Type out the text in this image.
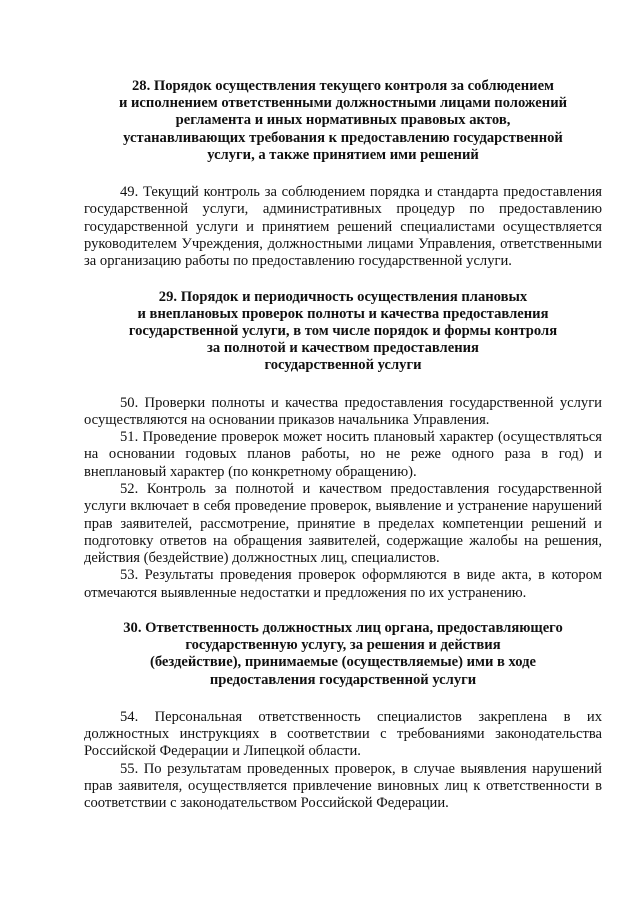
28. Порядок осуществления текущего контроля за соблюдением
и исполнением ответственными должностными лицами положений
регламента и иных нормативных правовых актов,
устанавливающих требования к предоставлению государственной
услуги, а также принятием ими решений

49. Текущий контроль за соблюдением порядка и стандарта предоставления государственной услуги, административных процедур по предоставлению государственной услуги и принятием решений специалистами осуществляется руководителем Учреждения, должностными лицами Управления, ответственными за организацию работы по предоставлению государственной услуги.

29. Порядок и периодичность осуществления плановых
и внеплановых проверок полноты и качества предоставления
государственной услуги, в том числе порядок и формы контроля
за полнотой и качеством предоставления
государственной услуги

50. Проверки полноты и качества предоставления государственной услуги осуществляются на основании приказов начальника Управления.

51. Проведение проверок может носить плановый характер (осуществляться на основании годовых планов работы, но не реже одного раза в год) и внеплановый характер (по конкретному обращению).

52. Контроль за полнотой и качеством предоставления государственной услуги включает в себя проведение проверок, выявление и устранение нарушений прав заявителей, рассмотрение, принятие в пределах компетенции решений и подготовку ответов на обращения заявителей, содержащие жалобы на решения, действия (бездействие) должностных лиц, специалистов.

53. Результаты проведения проверок оформляются в виде акта, в котором отмечаются выявленные недостатки и предложения по их устранению.

30. Ответственность должностных лиц органа, предоставляющего
государственную услугу, за решения и действия
(бездействие), принимаемые (осуществляемые) ими в ходе
предоставления государственной услуги

54. Персональная ответственность специалистов закреплена в их должностных инструкциях в соответствии с требованиями законодательства Российской Федерации и Липецкой области.

55. По результатам проведенных проверок, в случае выявления нарушений прав заявителя, осуществляется привлечение виновных лиц к ответственности в соответствии с законодательством Российской Федерации.
